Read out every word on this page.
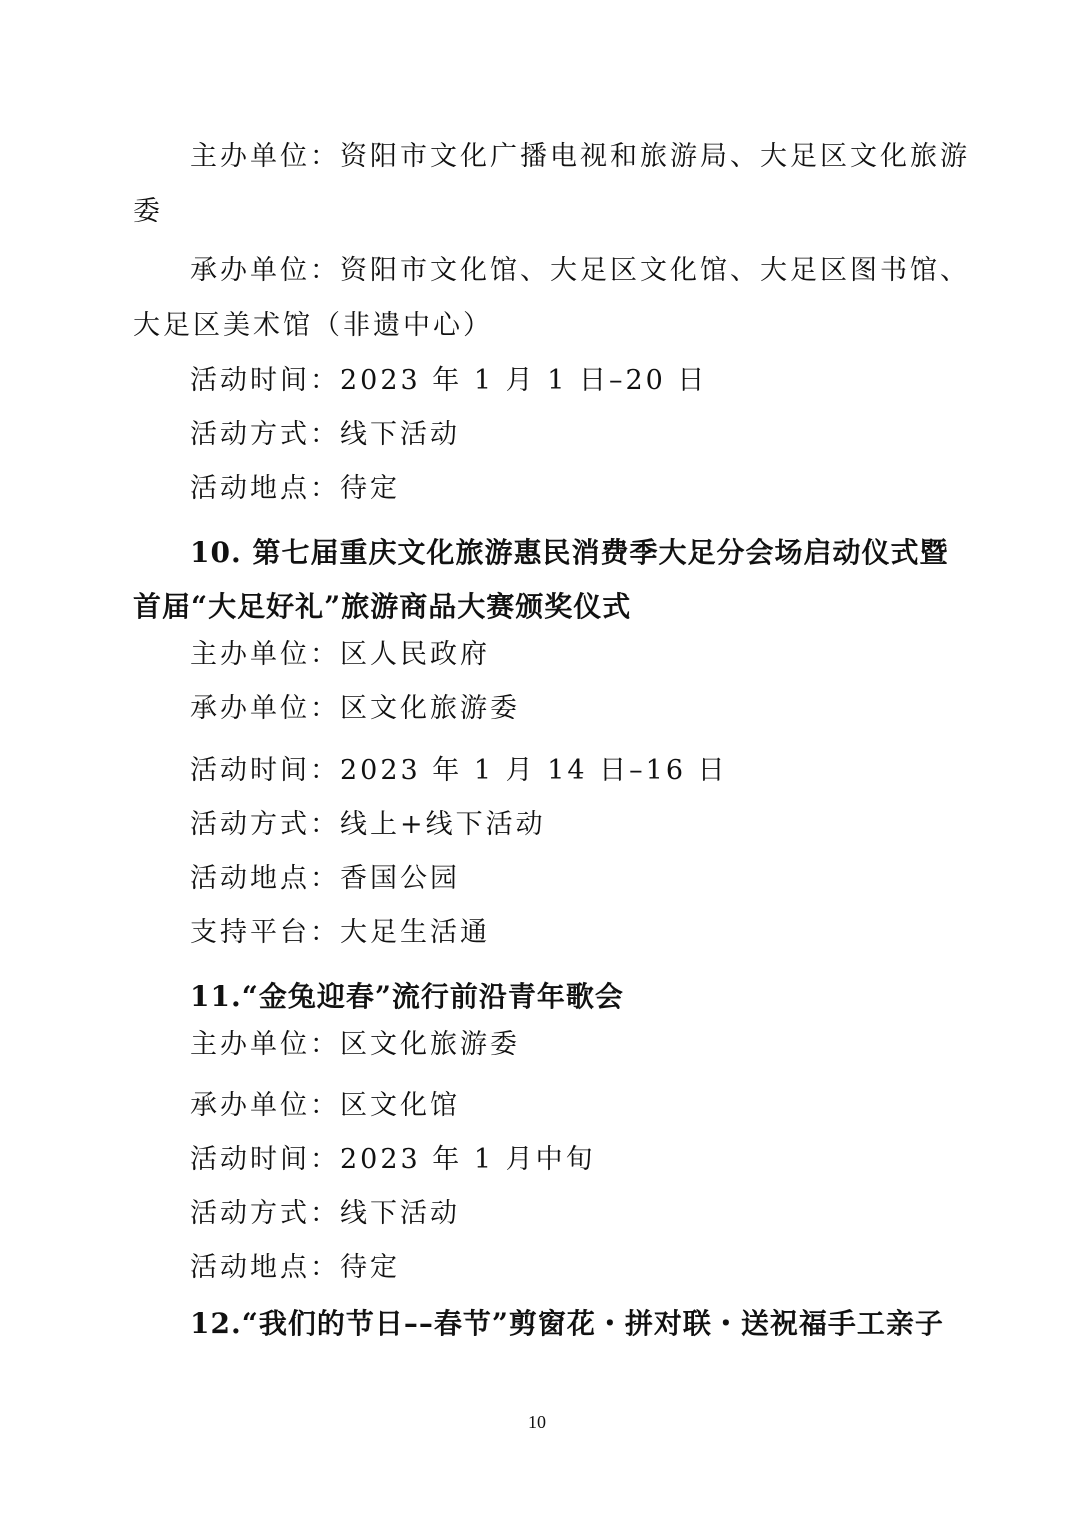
主办单位：资阳市文化广播电视和旅游局、大足区文化旅游
委
承办单位：资阳市文化馆、大足区文化馆、大足区图书馆、
大足区美术馆（非遗中心）
活动时间：2023 年 1 月 1 日–20 日
活动方式：线下活动
活动地点：待定
10. 第七届重庆文化旅游惠民消费季大足分会场启动仪式暨
首届“大足好礼”旅游商品大赛颁奖仪式
主办单位：区人民政府
承办单位：区文化旅游委
活动时间：2023 年 1 月 14 日–16 日
活动方式：线上+线下活动
活动地点：香国公园
支持平台：大足生活通
11.“金兔迎春”流行前沿青年歌会
主办单位：区文化旅游委
承办单位：区文化馆
活动时间：2023 年 1 月中旬
活动方式：线下活动
活动地点：待定
12.“我们的节日––春节”剪窗花・拼对联・送祝福手工亲子
10
